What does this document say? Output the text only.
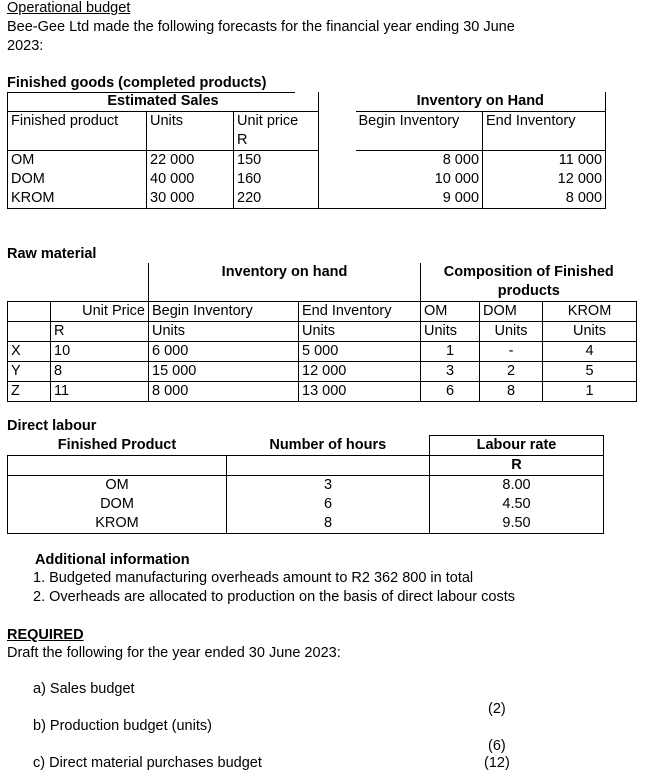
Operational budget
Bee-Gee Ltd made the following forecasts for the financial year ending 30 June
2023:
Finished goods (completed products)
Estimated Sales				Inventory on Hand	
Finished product	Units	Unit price		Begin Inventory	End Inventory
		R			
OM	22 000	150		8 000	11 000
DOM	40 000	160		10 000	12 000
KROM	30 000	220		9 000	8 000
Raw material
		Inventory on hand		Composition of Finished		
				products		
	Unit Price	Begin Inventory	End Inventory	OM	DOM	KROM
	R	Units	Units	Units	Units	Units
X	10	6 000	5 000	1	-	4
Y	8	15 000	12 000	3	2	5
Z	11	8 000	13 000	6	8	1
Direct labour
Finished Product	Number of hours	Labour rate
		R
OM	3	8.00
DOM	6	4.50
KROM	8	9.50
Additional information
1. Budgeted manufacturing overheads amount to R2 362 800 in total
2. Overheads are allocated to production on the basis of direct labour costs
REQUIRED
Draft the following for the year ended 30 June 2023:
a) Sales budget
(2)
b) Production budget (units)
(6)
c) Direct material purchases budget	(12)
